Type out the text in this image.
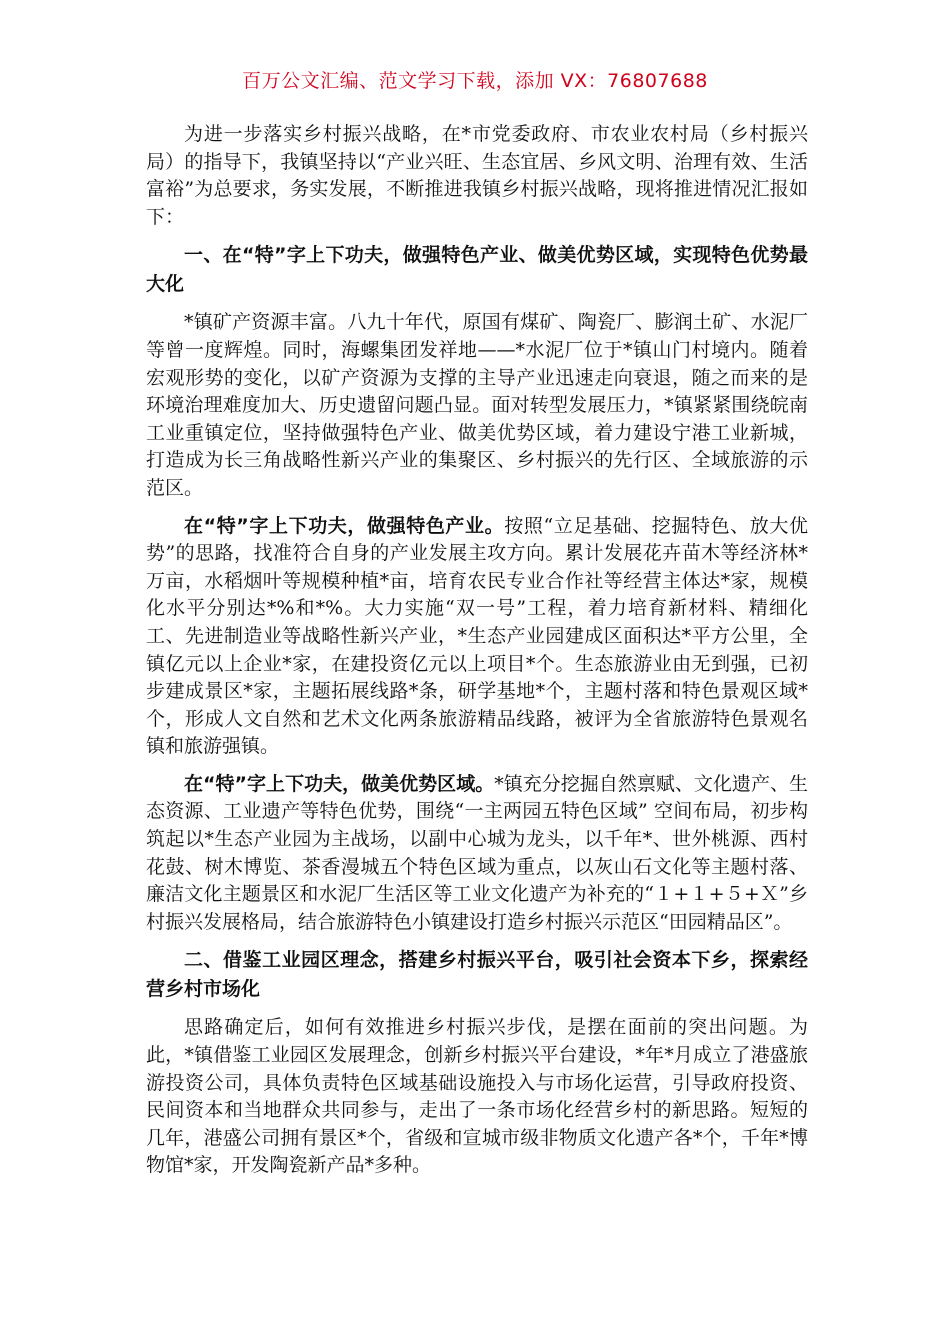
百万公文汇编、范文学习下载，添加 VX：76807688

为进一步落实乡村振兴战略，在*市党委政府、市农业农村局（乡村振兴局）的指导下，我镇坚持以“产业兴旺、生态宜居、乡风文明、治理有效、生活富裕”为总要求，务实发展，不断推进我镇乡村振兴战略，现将推进情况汇报如下：

一、在“特”字上下功夫，做强特色产业、做美优势区域，实现特色优势最大化

*镇矿产资源丰富。八九十年代，原国有煤矿、陶瓷厂、膨润土矿、水泥厂等曾一度辉煌。同时，海螺集团发祥地——*水泥厂位于*镇山门村境内。随着宏观形势的变化，以矿产资源为支撑的主导产业迅速走向衰退，随之而来的是环境治理难度加大、历史遗留问题凸显。面对转型发展压力，*镇紧紧围绕皖南工业重镇定位，坚持做强特色产业、做美优势区域，着力建设宁港工业新城，打造成为长三角战略性新兴产业的集聚区、乡村振兴的先行区、全域旅游的示范区。

在“特”字上下功夫，做强特色产业。按照“立足基础、挖掘特色、放大优势”的思路，找准符合自身的产业发展主攻方向。累计发展花卉苗木等经济林*万亩，水稻烟叶等规模种植*亩，培育农民专业合作社等经营主体达*家，规模化水平分别达*%和*%。大力实施“双一号”工程，着力培育新材料、精细化工、先进制造业等战略性新兴产业，*生态产业园建成区面积达*平方公里，全镇亿元以上企业*家，在建投资亿元以上项目*个。生态旅游业由无到强，已初步建成景区*家，主题拓展线路*条，研学基地*个，主题村落和特色景观区域*个，形成人文自然和艺术文化两条旅游精品线路，被评为全省旅游特色景观名镇和旅游强镇。

在“特”字上下功夫，做美优势区域。*镇充分挖掘自然禀赋、文化遗产、生态资源、工业遗产等特色优势，围绕“一主两园五特色区域” 空间布局，初步构筑起以*生态产业园为主战场，以副中心城为龙头，以千年*、世外桃源、西村花鼓、树木博览、茶香漫城五个特色区域为重点，以灰山石文化等主题村落、廉洁文化主题景区和水泥厂生活区等工业文化遗产为补充的“１+１+５+Ｘ”乡村振兴发展格局，结合旅游特色小镇建设打造乡村振兴示范区“田园精品区”。

二、借鉴工业园区理念，搭建乡村振兴平台，吸引社会资本下乡，探索经营乡村市场化

思路确定后，如何有效推进乡村振兴步伐，是摆在面前的突出问题。为此，*镇借鉴工业园区发展理念，创新乡村振兴平台建设，*年*月成立了港盛旅游投资公司，具体负责特色区域基础设施投入与市场化运营，引导政府投资、民间资本和当地群众共同参与，走出了一条市场化经营乡村的新思路。短短的几年，港盛公司拥有景区*个，省级和宣城市级非物质文化遗产各*个，千年*博物馆*家，开发陶瓷新产品*多种。
